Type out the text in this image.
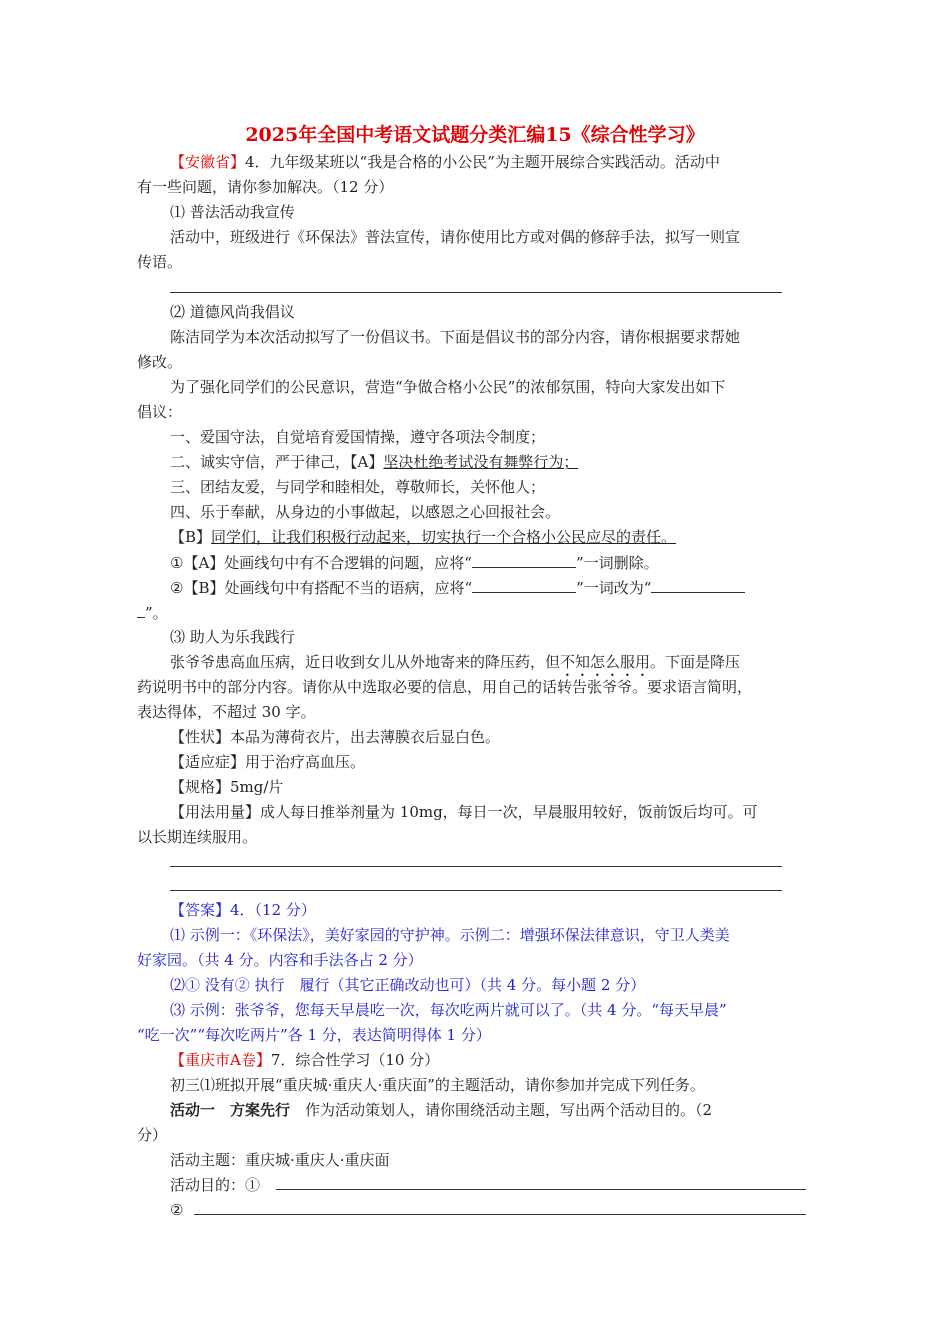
2025年全国中考语文试题分类汇编15《综合性学习》
【安徽省】4．九年级某班以“我是合格的小公民”为主题开展综合实践活动。活动中
有一些问题，请你参加解决。（12 分）
⑴ 普法活动我宣传
活动中，班级进行《环保法》普法宣传，请你使用比方或对偶的修辞手法，拟写一则宣
传语。
⑵ 道德风尚我倡议
陈洁同学为本次活动拟写了一份倡议书。下面是倡议书的部分内容，请你根据要求帮她
修改。
为了强化同学们的公民意识，营造“争做合格小公民”的浓郁氛围，特向大家发出如下
倡议：
一、爱国守法，自觉培育爱国情操，遵守各项法令制度；
二、诚实守信，严于律己，【A】坚决杜绝考试没有舞弊行为；
三、团结友爱，与同学和睦相处，尊敬师长，关怀他人；
四、乐于奉献，从身边的小事做起，以感恩之心回报社会。
【B】同学们，让我们积极行动起来，切实执行一个合格小公民应尽的责任。
①【A】处画线句中有不合逻辑的问题，应将“	”一词删除。
②【B】处画线句中有搭配不当的语病，应将“	”一词改为“
”。
⑶ 助人为乐我践行
张爷爷患高血压病，近日收到女儿从外地寄来的降压药，但不知怎么服用。下面是降压
药说明书中的部分内容。请你从中选取必要的信息，用自己的话转告张爷爷。要求语言简明，
表达得体，不超过 30 字。
【性状】本品为薄荷衣片，出去薄膜衣后显白色。
【适应症】用于治疗高血压。
【规格】5mg/片
【用法用量】成人每日推举剂量为 10mg，每日一次，早晨服用较好，饭前饭后均可。可
以长期连续服用。
【答案】4．（12 分）
⑴ 示例一：《环保法》，美好家园的守护神。示例二：增强环保法律意识，守卫人类美
好家园。（共 4 分。内容和手法各占 2 分）
⑵① 没有② 执行　履行（其它正确改动也可）（共 4 分。每小题 2 分）
⑶ 示例：张爷爷，您每天早晨吃一次，每次吃两片就可以了。（共 4 分。“每天早晨”
“吃一次”“每次吃两片”各 1 分，表达简明得体 1 分）
【重庆市A卷】7．综合性学习（10 分）
初三⑴班拟开展“重庆城·重庆人·重庆面”的主题活动，请你参加并完成下列任务。
活动一　方案先行　作为活动策划人，请你围绕活动主题，写出两个活动目的。（2
分）
活动主题：重庆城·重庆人·重庆面
活动目的：①
②
